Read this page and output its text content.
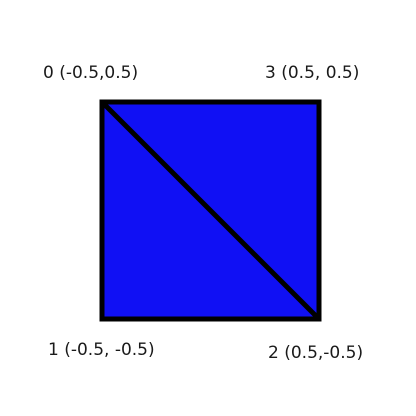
0 (-0.5,0.5)	3 (0.5, 0.5)
1 (-0.5, -0.5)	2 (0.5,-0.5)
